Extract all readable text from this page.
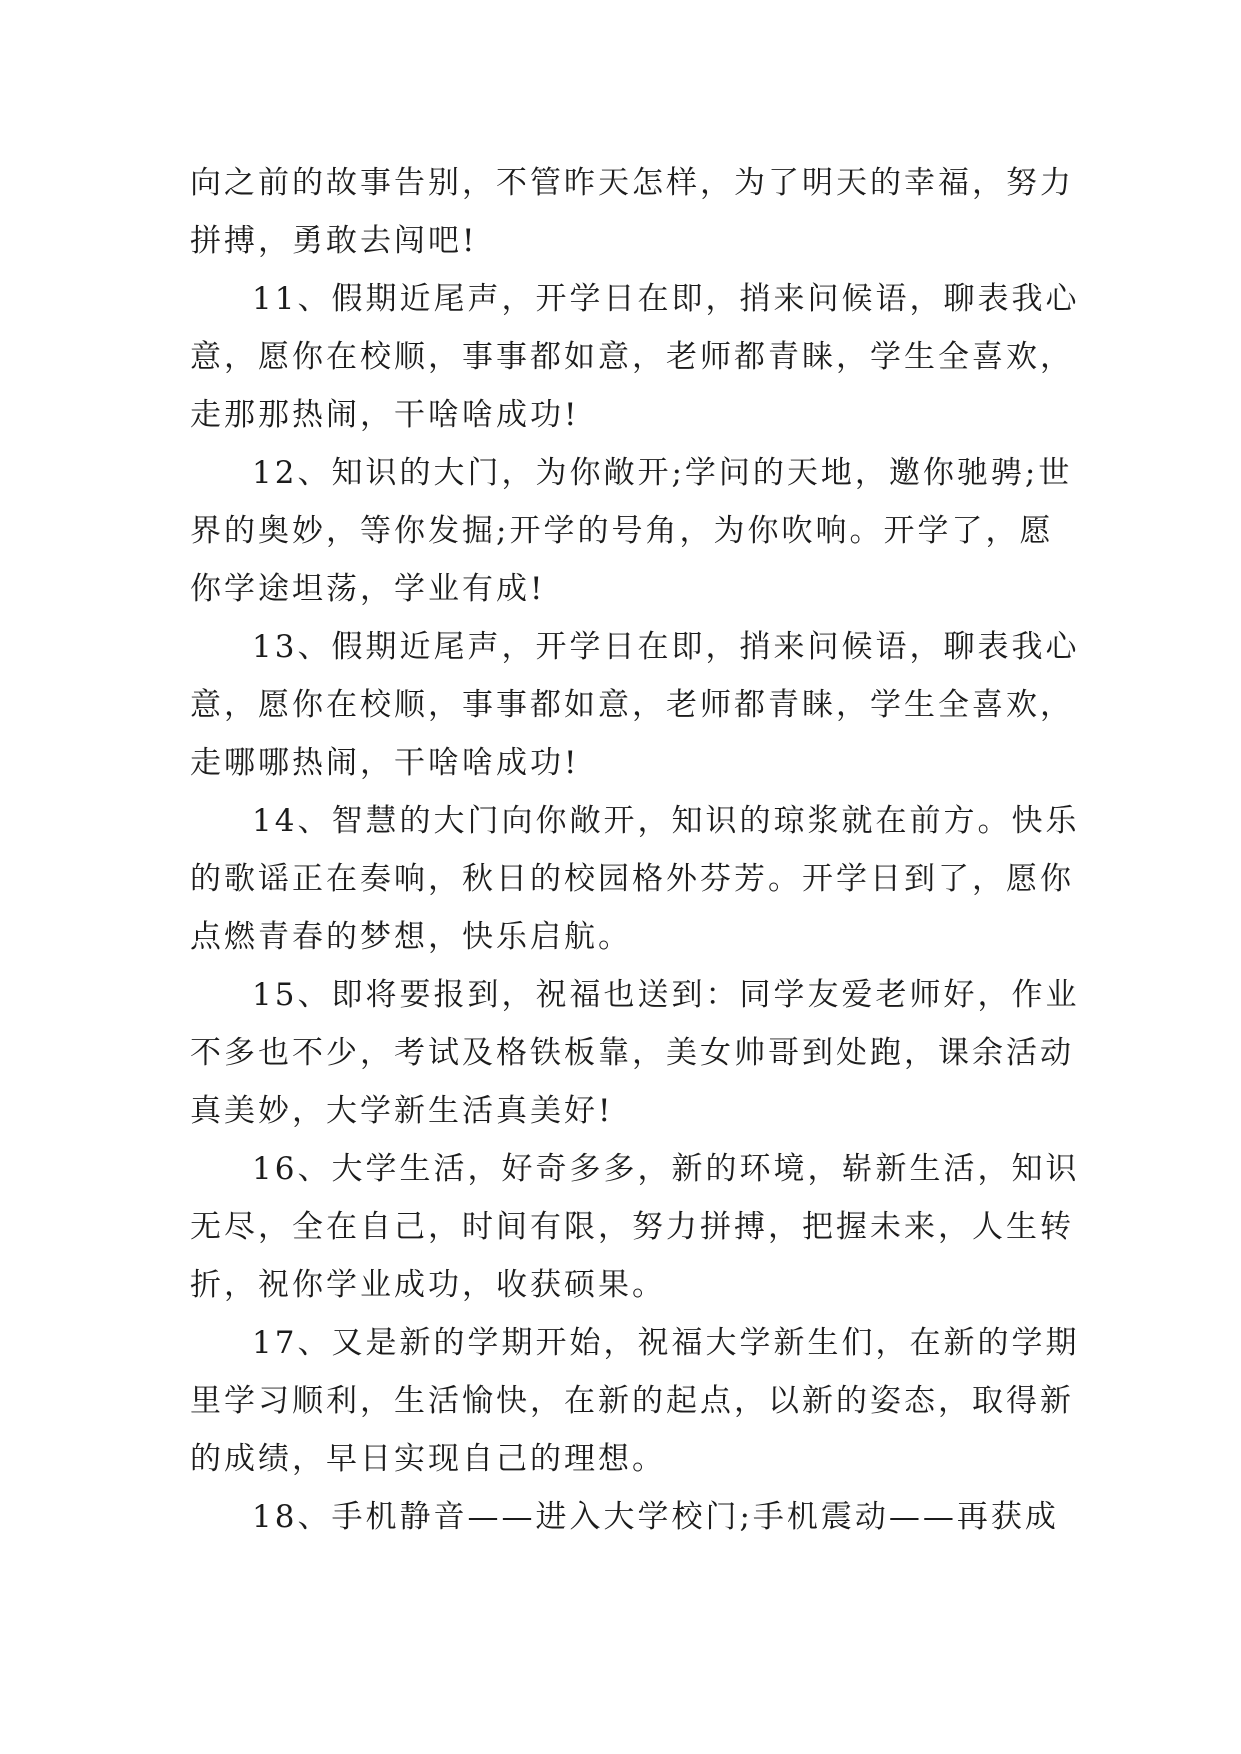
向之前的故事告别，不管昨天怎样，为了明天的幸福，努力
拼搏，勇敢去闯吧!
11、假期近尾声，开学日在即，捎来问候语，聊表我心
意，愿你在校顺，事事都如意，老师都青睐，学生全喜欢，
走那那热闹，干啥啥成功!
12、知识的大门，为你敞开;学问的天地，邀你驰骋;世
界的奥妙，等你发掘;开学的号角，为你吹响。开学了，愿
你学途坦荡，学业有成!
13、假期近尾声，开学日在即，捎来问候语，聊表我心
意，愿你在校顺，事事都如意，老师都青睐，学生全喜欢，
走哪哪热闹，干啥啥成功!
14、智慧的大门向你敞开，知识的琼浆就在前方。快乐
的歌谣正在奏响，秋日的校园格外芬芳。开学日到了，愿你
点燃青春的梦想，快乐启航。
15、即将要报到，祝福也送到：同学友爱老师好，作业
不多也不少，考试及格铁板靠，美女帅哥到处跑，课余活动
真美妙，大学新生活真美好!
16、大学生活，好奇多多，新的环境，崭新生活，知识
无尽，全在自己，时间有限，努力拼搏，把握未来，人生转
折，祝你学业成功，收获硕果。
17、又是新的学期开始，祝福大学新生们，在新的学期
里学习顺利，生活愉快，在新的起点，以新的姿态，取得新
的成绩，早日实现自己的理想。
18、手机静音——进入大学校门;手机震动——再获成
